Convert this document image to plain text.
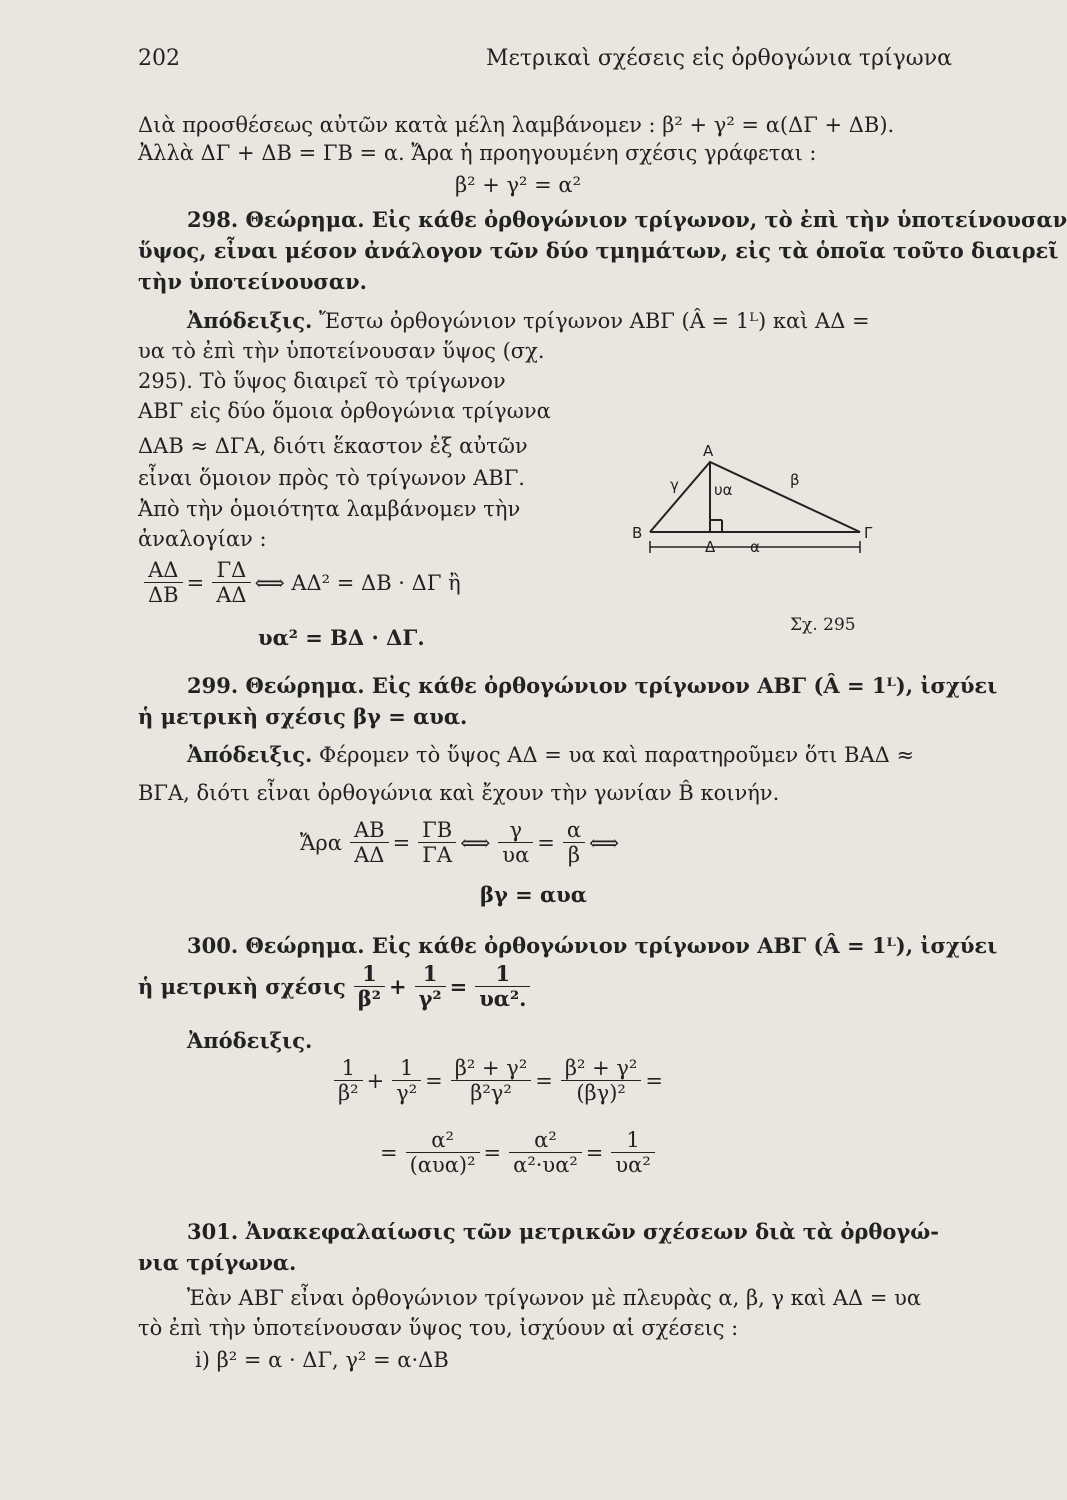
202	Μετρικαὶ σχέσεις εἰς ὀρθογώνια τρίγωνα
Διὰ προσθέσεως αὐτῶν κατὰ μέλη λαμβάνομεν : β² + γ² = α(ΔΓ + ΔΒ).
Ἀλλὰ ΔΓ + ΔΒ = ΓΒ = α. Ἄρα ἡ προηγουμένη σχέσις γράφεται :
β² + γ² = α²
298. Θεώρημα. Εἰς κάθε ὀρθογώνιον τρίγωνον, τὸ ἐπὶ τὴν ὑποτείνουσαν
ὕψος, εἶναι μέσον ἀνάλογον τῶν δύο τμημάτων, εἰς τὰ ὁποῖα τοῦτο διαιρεῖ
τὴν ὑποτείνουσαν.
Ἀπόδειξις. Ἔστω ὀρθογώνιον τρίγωνον ΑΒΓ (Â = 1ᴸ) καὶ ΑΔ =
υα τὸ ἐπὶ τὴν ὑποτείνουσαν ὕψος (σχ.
295). Τὸ ὕψος διαιρεῖ τὸ τρίγωνον
ΑΒΓ εἰς δύο ὅμοια ὀρθογώνια τρίγωνα
ΔΑΒ ≈ ΔΓΑ, διότι ἕκαστον ἐξ αὐτῶν
εἶναι ὅμοιον πρὸς τὸ τρίγωνον ΑΒΓ.
Ἀπὸ τὴν ὁμοιότητα λαμβάνομεν τὴν
ἀναλογίαν :
$\frac{A\Delta}{\Delta B} = \frac{\Gamma\Delta}{A\Delta}$ ⟺ ΑΔ² = ΔΒ · ΔΓ ἢ
υα² = ΒΔ · ΔΓ.
Α
Β	Γ
Δ
γ	β
υα
α
Σχ. 295
299. Θεώρημα. Εἰς κάθε ὀρθογώνιον τρίγωνον ΑΒΓ (Â = 1ᴸ), ἰσχύει
ἡ μετρικὴ σχέσις βγ = αυα.
Ἀπόδειξις. Φέρομεν τὸ ὕψος ΑΔ = υα καὶ παρατηροῦμεν ὅτι ΒΑΔ ≈
ΒΓΑ, διότι εἶναι ὀρθογώνια καὶ ἔχουν τὴν γωνίαν B̂ κοινήν.
Ἄρα $\frac{AB}{A\Delta} = \frac{\Gamma B}{\Gamma A}$ ⟺ $\frac{\gamma}{\upsilon\alpha} = \frac{\alpha}{\beta}$ ⟺
βγ = αυα
300. Θεώρημα. Εἰς κάθε ὀρθογώνιον τρίγωνον ΑΒΓ (Â = 1ᴸ), ἰσχύει
ἡ μετρικὴ σχέσις $\frac{1}{\text{β²}} + \frac{1}{\text{γ²}} = \frac{1}{\text{υα².}}$
Ἀπόδειξις.
$\frac{1}{\text{β²}} + \frac{1}{\text{γ²}} = \frac{\text{β² + γ²}}{\text{β²γ²}} = \frac{\text{β² + γ²}}{\text{(βγ)²}}$ =
= $\frac{\text{α²}}{\text{(αυα)²}} = \frac{\text{α²}}{\text{α²·υα²}} = \frac{1}{\text{υα²}}$
301. Ἀνακεφαλαίωσις τῶν μετρικῶν σχέσεων διὰ τὰ ὀρθογώ-
νια τρίγωνα.
Ἐὰν ΑΒΓ εἶναι ὀρθογώνιον τρίγωνον μὲ πλευρὰς α, β, γ καὶ ΑΔ = υα
τὸ ἐπὶ τὴν ὑποτείνουσαν ὕψος του, ἰσχύουν αἱ σχέσεις :
i) β² = α · ΔΓ, γ² = α·ΔΒ
